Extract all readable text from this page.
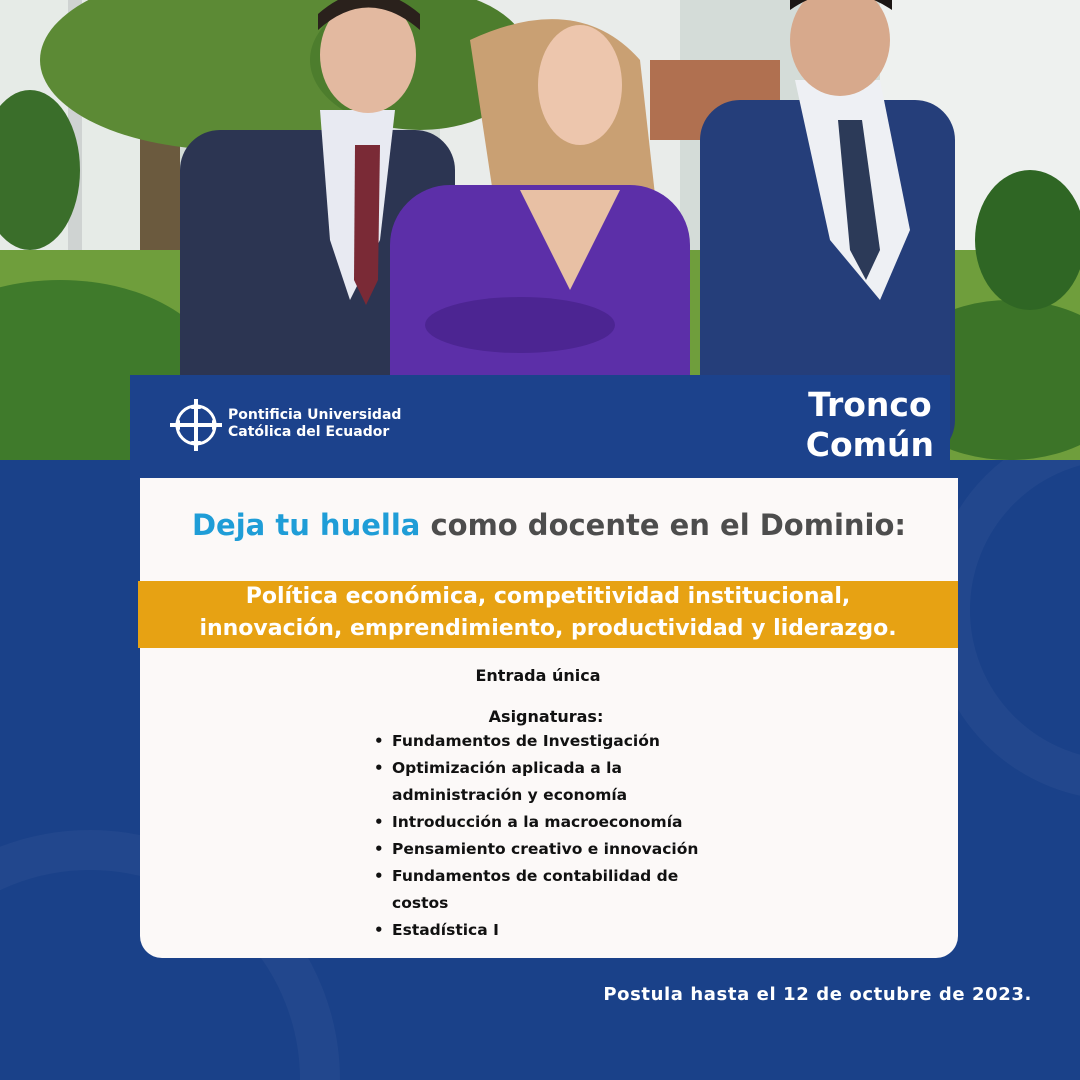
Pontificia Universidad
Católica del Ecuador
Tronco
Común
Deja tu huella como docente en el Dominio:
Entrada única
Asignaturas:
• Fundamentos de Investigación
• Optimización aplicada a la administración y economía
• Introducción a la macroeconomía
• Pensamiento creativo e innovación
• Fundamentos de contabilidad de costos
• Estadística I
Política económica, competitividad institucional,
innovación, emprendimiento, productividad y liderazgo.
Postula hasta el 12 de octubre de 2023.
